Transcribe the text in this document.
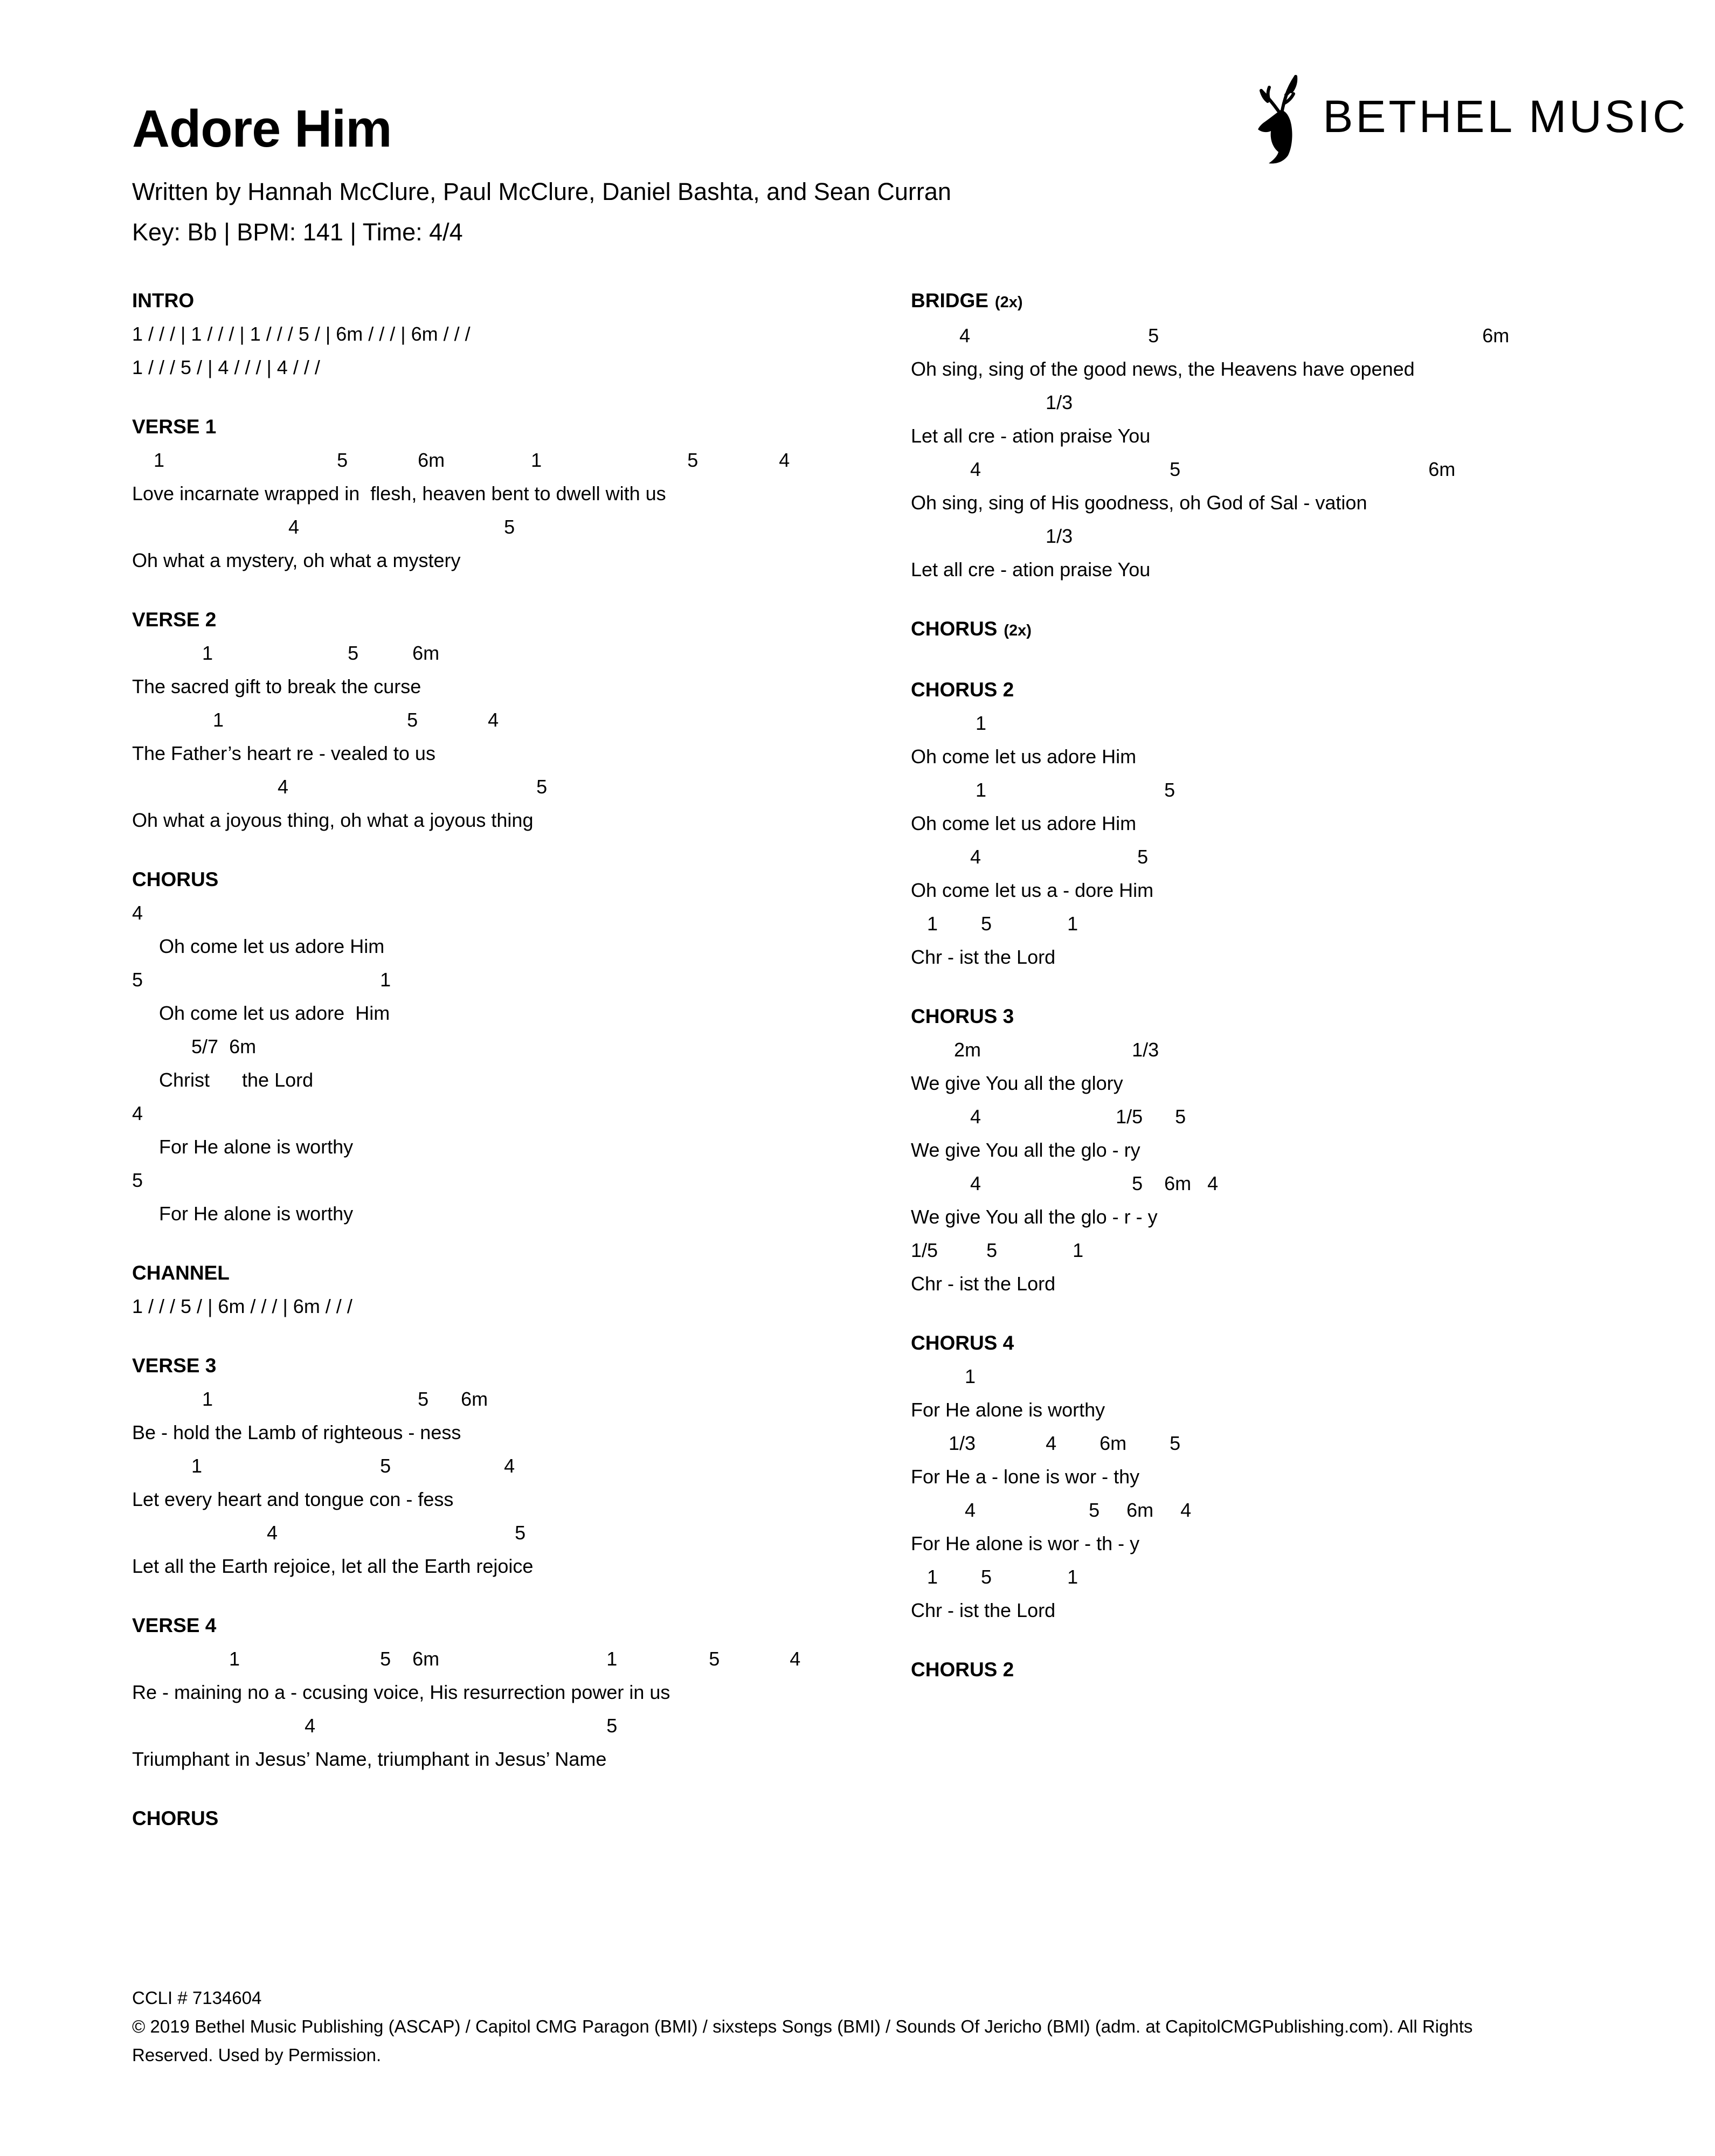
BETHEL MUSIC
Adore Him

Written by Hannah McClure, Paul McClure, Daniel Bashta, and Sean Curran

Key: Bb | BPM: 141 | Time: 4/4

INTRO
1 / / / | 1 / / / | 1 / / / 5 / | 6m / / / | 6m / / /
1 / / / 5 / | 4 / / / | 4 / / /
VERSE 1
1                                5             6m                1                           5               4
Love incarnate wrapped in  flesh, heaven bent to dwell with us
4                                      5
Oh what a mystery, oh what a mystery
VERSE 2
1                         5          6m
The sacred gift to break the curse
1                                  5             4
The Father’s heart re - vealed to us
4                                              5
Oh what a joyous thing, oh what a joyous thing
CHORUS
4
Oh come let us adore Him
5                                            1
Oh come let us adore  Him
5/7  6m
Christ      the Lord
4
For He alone is worthy
5
For He alone is worthy
CHANNEL
1 / / / 5 / | 6m / / / | 6m / / /
VERSE 3
1                                      5      6m
Be - hold the Lamb of righteous - ness
1                                 5                     4
Let every heart and tongue con - fess
4                                            5
Let all the Earth rejoice, let all the Earth rejoice
VERSE 4
1                          5    6m                               1                 5             4
Re - maining no a - ccusing voice, His resurrection power in us
4                                                      5
Triumphant in Jesus’ Name, triumphant in Jesus’ Name
CHORUS
BRIDGE (2x)
4                                 5                                                            6m
Oh sing, sing of the good news, the Heavens have opened
1/3
Let all cre - ation praise You
4                                   5                                              6m
Oh sing, sing of His goodness, oh God of Sal - vation
1/3
Let all cre - ation praise You
CHORUS (2x)
CHORUS 2
1
Oh come let us adore Him
1                                 5
Oh come let us adore Him
4                             5
Oh come let us a - dore Him
1        5              1
Chr - ist the Lord
CHORUS 3
2m                            1/3
We give You all the glory
4                         1/5      5
We give You all the glo - ry
4                            5    6m   4
We give You all the glo - r - y
1/5         5              1
Chr - ist the Lord
CHORUS 4
1
For He alone is worthy
1/3             4        6m        5
For He a - lone is wor - thy
4                     5     6m     4
For He alone is wor - th - y
1        5              1
Chr - ist the Lord
CHORUS 2
CCLI # 7134604
© 2019 Bethel Music Publishing (ASCAP) / Capitol CMG Paragon (BMI) / sixsteps Songs (BMI) / Sounds Of Jericho (BMI) (adm. at CapitolCMGPublishing.com). All Rights
Reserved. Used by Permission.
